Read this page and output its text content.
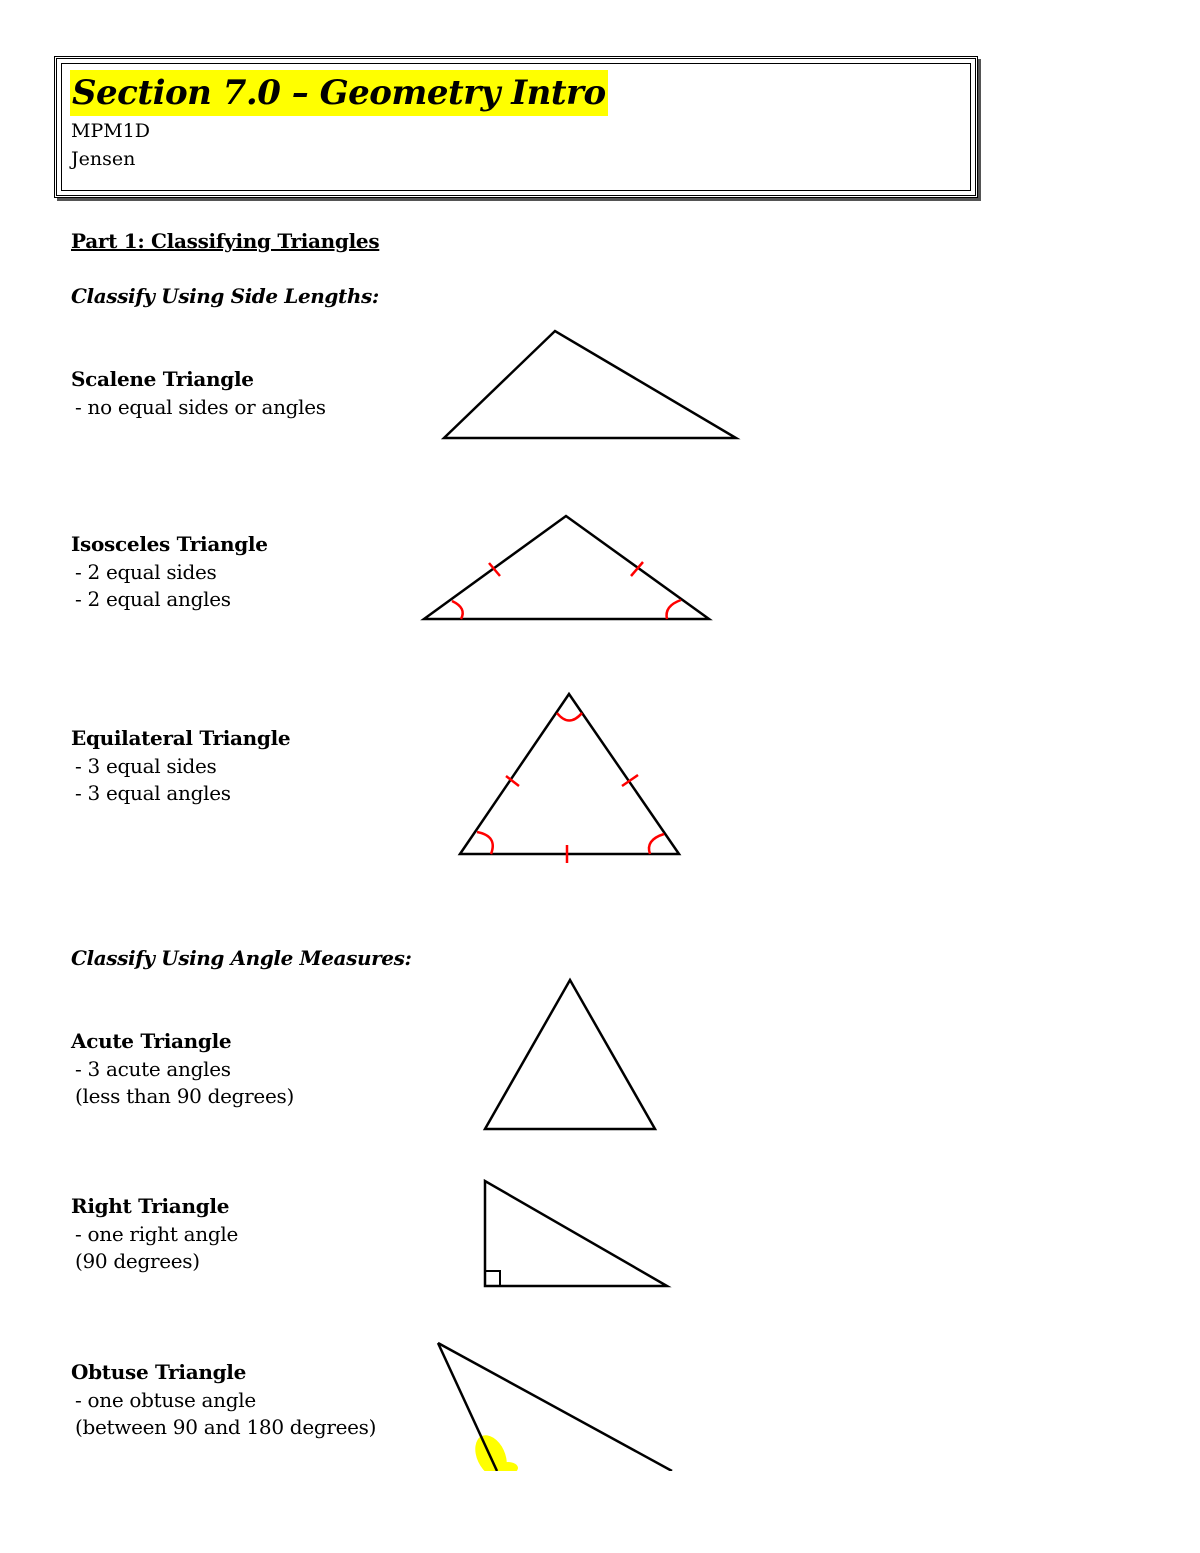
Section 7.0 – Geometry Intro
MPM1D
Jensen
Part 1: Classifying Triangles
Classify Using Side Lengths:
Scalene Triangle
- no equal sides or angles
Isosceles Triangle
- 2 equal sides
- 2 equal angles
Equilateral Triangle
- 3 equal sides
- 3 equal angles
Classify Using Angle Measures:
Acute Triangle
- 3 acute angles
(less than 90 degrees)
Right Triangle
- one right angle
(90 degrees)
Obtuse Triangle
- one obtuse angle
(between 90 and 180 degrees)
